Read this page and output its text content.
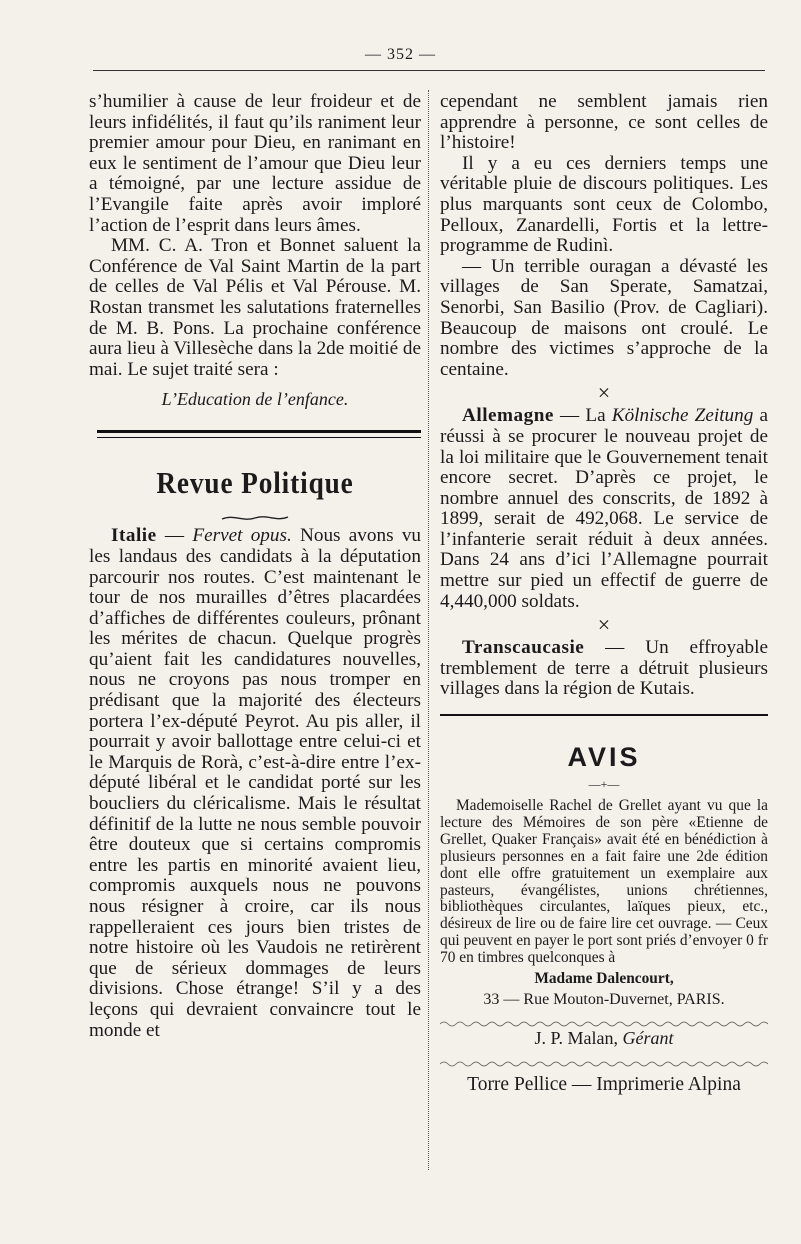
— 352 —

s’humilier à cause de leur froideur et de leurs infidélités, il faut qu’ils raniment leur premier amour pour Dieu, en ranimant en eux le sentiment de l’amour que Dieu leur a témoigné, par une lecture assidue de l’Evangile faite après avoir imploré l’action de l’esprit dans leurs âmes.

MM. C. A. Tron et Bonnet saluent la Conférence de Val Saint Martin de la part de celles de Val Pélis et Val Pérouse. M. Rostan transmet les salutations fraternelles de M. B. Pons. La prochaine conférence aura lieu à Villesèche dans la 2de moitié de mai. Le sujet traité sera :

L’Education de l’enfance.

Revue Politique

Italie — Fervet opus. Nous avons vu les landaus des candidats à la députation parcourir nos routes. C’est maintenant le tour de nos murailles d’êtres placardées d’affiches de différentes couleurs, prônant les mérites de chacun. Quelque progrès qu’aient fait les candidatures nouvelles, nous ne croyons pas nous tromper en prédisant que la majorité des électeurs portera l’ex-député Peyrot. Au pis aller, il pourrait y avoir ballottage entre celui-ci et le Marquis de Rorà, c’est-à-dire entre l’ex-député libéral et le candidat porté sur les boucliers du cléricalisme. Mais le résultat définitif de la lutte ne nous semble pouvoir être douteux que si certains compromis entre les partis en minorité avaient lieu, compromis auxquels nous ne pouvons nous résigner à croire, car ils nous rappelleraient ces jours bien tristes de notre histoire où les Vaudois ne retirèrent que de sérieux dommages de leurs divisions. Chose étrange! S’il y a des leçons qui devraient convaincre tout le monde et

cependant ne semblent jamais rien apprendre à personne, ce sont celles de l’histoire!

Il y a eu ces derniers temps une véritable pluie de discours politiques. Les plus marquants sont ceux de Colombo, Pelloux, Zanardelli, Fortis et la lettre-programme de Rudinì.

— Un terrible ouragan a dévasté les villages de San Sperate, Samatzai, Senorbi, San Basilio (Prov. de Cagliari). Beaucoup de maisons ont croulé. Le nombre des victimes s’approche de la centaine.

×

Allemagne — La Kölnische Zeitung a réussi à se procurer le nouveau projet de la loi militaire que le Gouvernement tenait encore secret. D’après ce projet, le nombre annuel des conscrits, de 1892 à 1899, serait de 492,068. Le service de l’infanterie serait réduit à deux années. Dans 24 ans d’ici l’Allemagne pourrait mettre sur pied un effectif de guerre de 4,440,000 soldats.

×

Transcaucasie — Un effroyable tremblement de terre a détruit plusieurs villages dans la région de Kutais.

AVIS
—+—

Mademoiselle Rachel de Grellet ayant vu que la lecture des Mémoires de son père «Etienne de Grellet, Quaker Français» avait été en bénédiction à plusieurs personnes en a fait faire une 2de édition dont elle offre gratuitement un exemplaire aux pasteurs, évangélistes, unions chrétiennes, bibliothèques circulantes, laïques pieux, etc., désireux de lire ou de faire lire cet ouvrage. — Ceux qui peuvent en payer le port sont priés d’envoyer 0 fr 70 en timbres quelconques à

Madame Dalencourt,

33 — Rue Mouton-Duvernet, PARIS.

J. P. Malan, Gérant

Torre Pellice — Imprimerie Alpina
